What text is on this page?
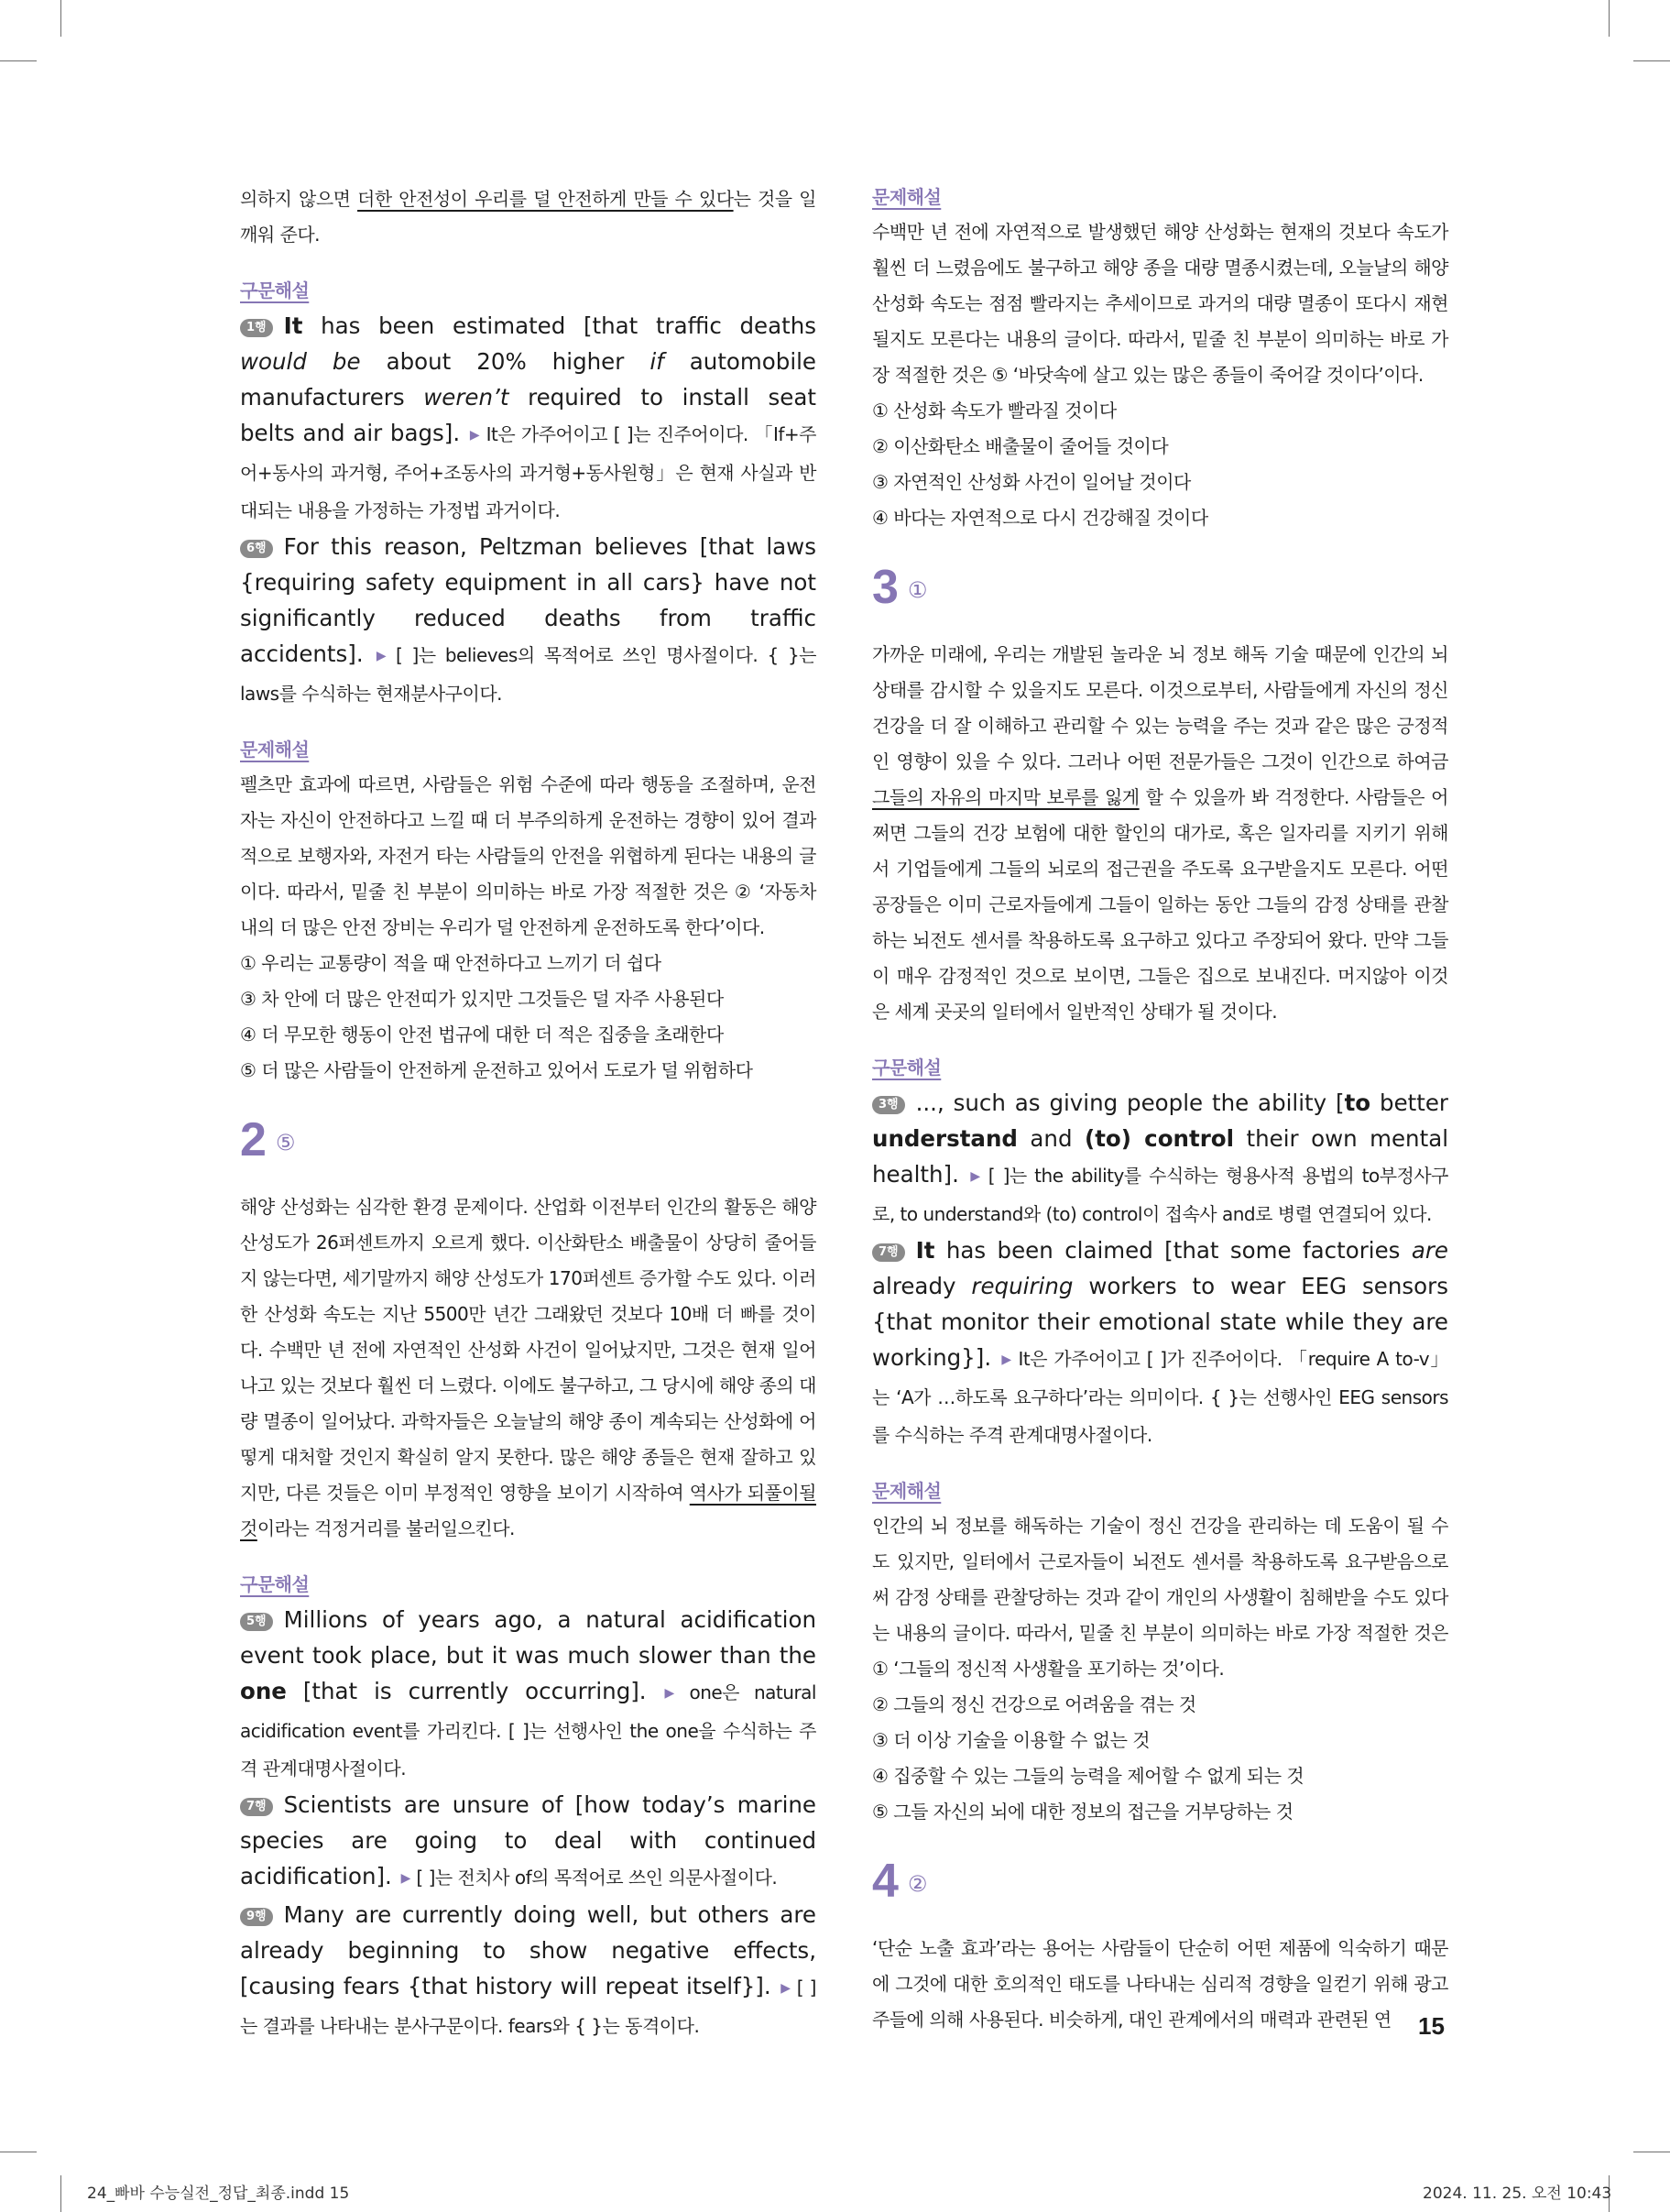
의하지 않으면 더한 안전성이 우리를 덜 안전하게 만들 수 있다는 것을 일깨워 준다.

구문해설

1행 It has been estimated [that traffic deaths would be about 20% higher if automobile manufacturers weren’t required to install seat belts and air bags]. ▶ It은 가주어이고 [ ]는 진주어이다. 「If+주어+동사의 과거형, 주어+조동사의 과거형+동사원형」은 현재 사실과 반대되는 내용을 가정하는 가정법 과거이다.

6행 For this reason, Peltzman believes [that laws {requiring safety equipment in all cars} have not significantly reduced deaths from traffic accidents]. ▶ [ ]는 believes의 목적어로 쓰인 명사절이다. { }는 laws를 수식하는 현재분사구이다.

문제해설

펠츠만 효과에 따르면, 사람들은 위험 수준에 따라 행동을 조절하며, 운전자는 자신이 안전하다고 느낄 때 더 부주의하게 운전하는 경향이 있어 결과적으로 보행자와, 자전거 타는 사람들의 안전을 위협하게 된다는 내용의 글이다. 따라서, 밑줄 친 부분이 의미하는 바로 가장 적절한 것은 ② ‘자동차 내의 더 많은 안전 장비는 우리가 덜 안전하게 운전하도록 한다’이다.

① 우리는 교통량이 적을 때 안전하다고 느끼기 더 쉽다

③ 차 안에 더 많은 안전띠가 있지만 그것들은 덜 자주 사용된다

④ 더 무모한 행동이 안전 법규에 대한 더 적은 집중을 초래한다

⑤ 더 많은 사람들이 안전하게 운전하고 있어서 도로가 덜 위험하다

2 ⑤

해양 산성화는 심각한 환경 문제이다. 산업화 이전부터 인간의 활동은 해양 산성도가 26퍼센트까지 오르게 했다. 이산화탄소 배출물이 상당히 줄어들지 않는다면, 세기말까지 해양 산성도가 170퍼센트 증가할 수도 있다. 이러한 산성화 속도는 지난 5500만 년간 그래왔던 것보다 10배 더 빠를 것이다. 수백만 년 전에 자연적인 산성화 사건이 일어났지만, 그것은 현재 일어나고 있는 것보다 훨씬 더 느렸다. 이에도 불구하고, 그 당시에 해양 종의 대량 멸종이 일어났다. 과학자들은 오늘날의 해양 종이 계속되는 산성화에 어떻게 대처할 것인지 확실히 알지 못한다. 많은 해양 종들은 현재 잘하고 있지만, 다른 것들은 이미 부정적인 영향을 보이기 시작하여 역사가 되풀이될 것이라는 걱정거리를 불러일으킨다.

구문해설

5행 Millions of years ago, a natural acidification event took place, but it was much slower than the one [that is currently occurring]. ▶ one은 natural acidification event를 가리킨다. [ ]는 선행사인 the one을 수식하는 주격 관계대명사절이다.

7행 Scientists are unsure of [how today’s marine species are going to deal with continued acidification]. ▶ [ ]는 전치사 of의 목적어로 쓰인 의문사절이다.

9행 Many are currently doing well, but others are already beginning to show negative effects, [causing fears {that history will repeat itself}]. ▶ [ ]는 결과를 나타내는 분사구문이다. fears와 { }는 동격이다.

문제해설

수백만 년 전에 자연적으로 발생했던 해양 산성화는 현재의 것보다 속도가 훨씬 더 느렸음에도 불구하고 해양 종을 대량 멸종시켰는데, 오늘날의 해양 산성화 속도는 점점 빨라지는 추세이므로 과거의 대량 멸종이 또다시 재현될지도 모른다는 내용의 글이다. 따라서, 밑줄 친 부분이 의미하는 바로 가장 적절한 것은 ⑤ ‘바닷속에 살고 있는 많은 종들이 죽어갈 것이다’이다.

① 산성화 속도가 빨라질 것이다

② 이산화탄소 배출물이 줄어들 것이다

③ 자연적인 산성화 사건이 일어날 것이다

④ 바다는 자연적으로 다시 건강해질 것이다

3 ①

가까운 미래에, 우리는 개발된 놀라운 뇌 정보 해독 기술 때문에 인간의 뇌 상태를 감시할 수 있을지도 모른다. 이것으로부터, 사람들에게 자신의 정신 건강을 더 잘 이해하고 관리할 수 있는 능력을 주는 것과 같은 많은 긍정적인 영향이 있을 수 있다. 그러나 어떤 전문가들은 그것이 인간으로 하여금 그들의 자유의 마지막 보루를 잃게 할 수 있을까 봐 걱정한다. 사람들은 어쩌면 그들의 건강 보험에 대한 할인의 대가로, 혹은 일자리를 지키기 위해서 기업들에게 그들의 뇌로의 접근권을 주도록 요구받을지도 모른다. 어떤 공장들은 이미 근로자들에게 그들이 일하는 동안 그들의 감정 상태를 관찰하는 뇌전도 센서를 착용하도록 요구하고 있다고 주장되어 왔다. 만약 그들이 매우 감정적인 것으로 보이면, 그들은 집으로 보내진다. 머지않아 이것은 세계 곳곳의 일터에서 일반적인 상태가 될 것이다.

구문해설

3행 ..., such as giving people the ability [to better understand and (to) control their own mental health]. ▶ [ ]는 the ability를 수식하는 형용사적 용법의 to부정사구로, to understand와 (to) control이 접속사 and로 병렬 연결되어 있다.

7행 It has been claimed [that some factories are already requiring workers to wear EEG sensors {that monitor their emotional state while they are working}]. ▶ It은 가주어이고 [ ]가 진주어이다. 「require A to-v」는 ‘A가 …하도록 요구하다’라는 의미이다. { }는 선행사인 EEG sensors를 수식하는 주격 관계대명사절이다.

문제해설

인간의 뇌 정보를 해독하는 기술이 정신 건강을 관리하는 데 도움이 될 수도 있지만, 일터에서 근로자들이 뇌전도 센서를 착용하도록 요구받음으로써 감정 상태를 관찰당하는 것과 같이 개인의 사생활이 침해받을 수도 있다는 내용의 글이다. 따라서, 밑줄 친 부분이 의미하는 바로 가장 적절한 것은 ① ‘그들의 정신적 사생활을 포기하는 것’이다.

② 그들의 정신 건강으로 어려움을 겪는 것

③ 더 이상 기술을 이용할 수 없는 것

④ 집중할 수 있는 그들의 능력을 제어할 수 없게 되는 것

⑤ 그들 자신의 뇌에 대한 정보의 접근을 거부당하는 것

4 ②

‘단순 노출 효과’라는 용어는 사람들이 단순히 어떤 제품에 익숙하기 때문에 그것에 대한 호의적인 태도를 나타내는 심리적 경향을 일컫기 위해 광고주들에 의해 사용된다. 비슷하게, 대인 관계에서의 매력과 관련된 연	15
24_빠바 수능실전_정답_최종.indd 15	2024. 11. 25. 오전 10:43
